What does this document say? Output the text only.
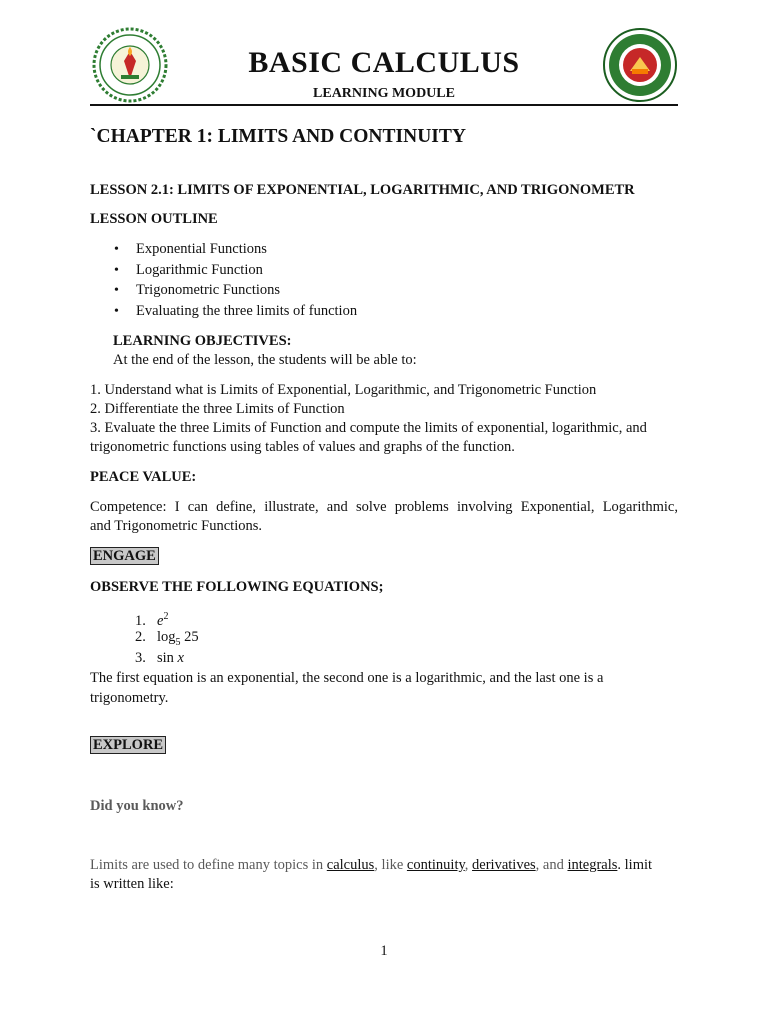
BASIC CALCULUS
LEARNING MODULE
`CHAPTER 1: LIMITS AND CONTINUITY
LESSON 2.1: LIMITS OF EXPONENTIAL, LOGARITHMIC, AND TRIGONOMETR
LESSON OUTLINE
• Exponential Functions
• Logarithmic Function
• Trigonometric Functions
• Evaluating the three limits of function
LEARNING OBJECTIVES:
At the end of the lesson, the students will be able to:
1. Understand what is Limits of Exponential, Logarithmic, and Trigonometric Function
2. Differentiate the three Limits of Function
3. Evaluate the three Limits of Function and compute the limits of exponential, logarithmic, and
trigonometric functions using tables of values and graphs of the function.
PEACE VALUE:
Competence: I can define, illustrate, and solve problems involving Exponential, Logarithmic,
and Trigonometric Functions.
ENGAGE
OBSERVE THE FOLLOWING EQUATIONS;
1. $e^2$
2. $\log_5 25$
3. sin x
The first equation is an exponential, the second one is a logarithmic, and the last one is a
trigonometry.
EXPLORE
Did you know?
Limits are used to define many topics in calculus, like continuity, derivatives, and integrals. limit
is written like:
1
